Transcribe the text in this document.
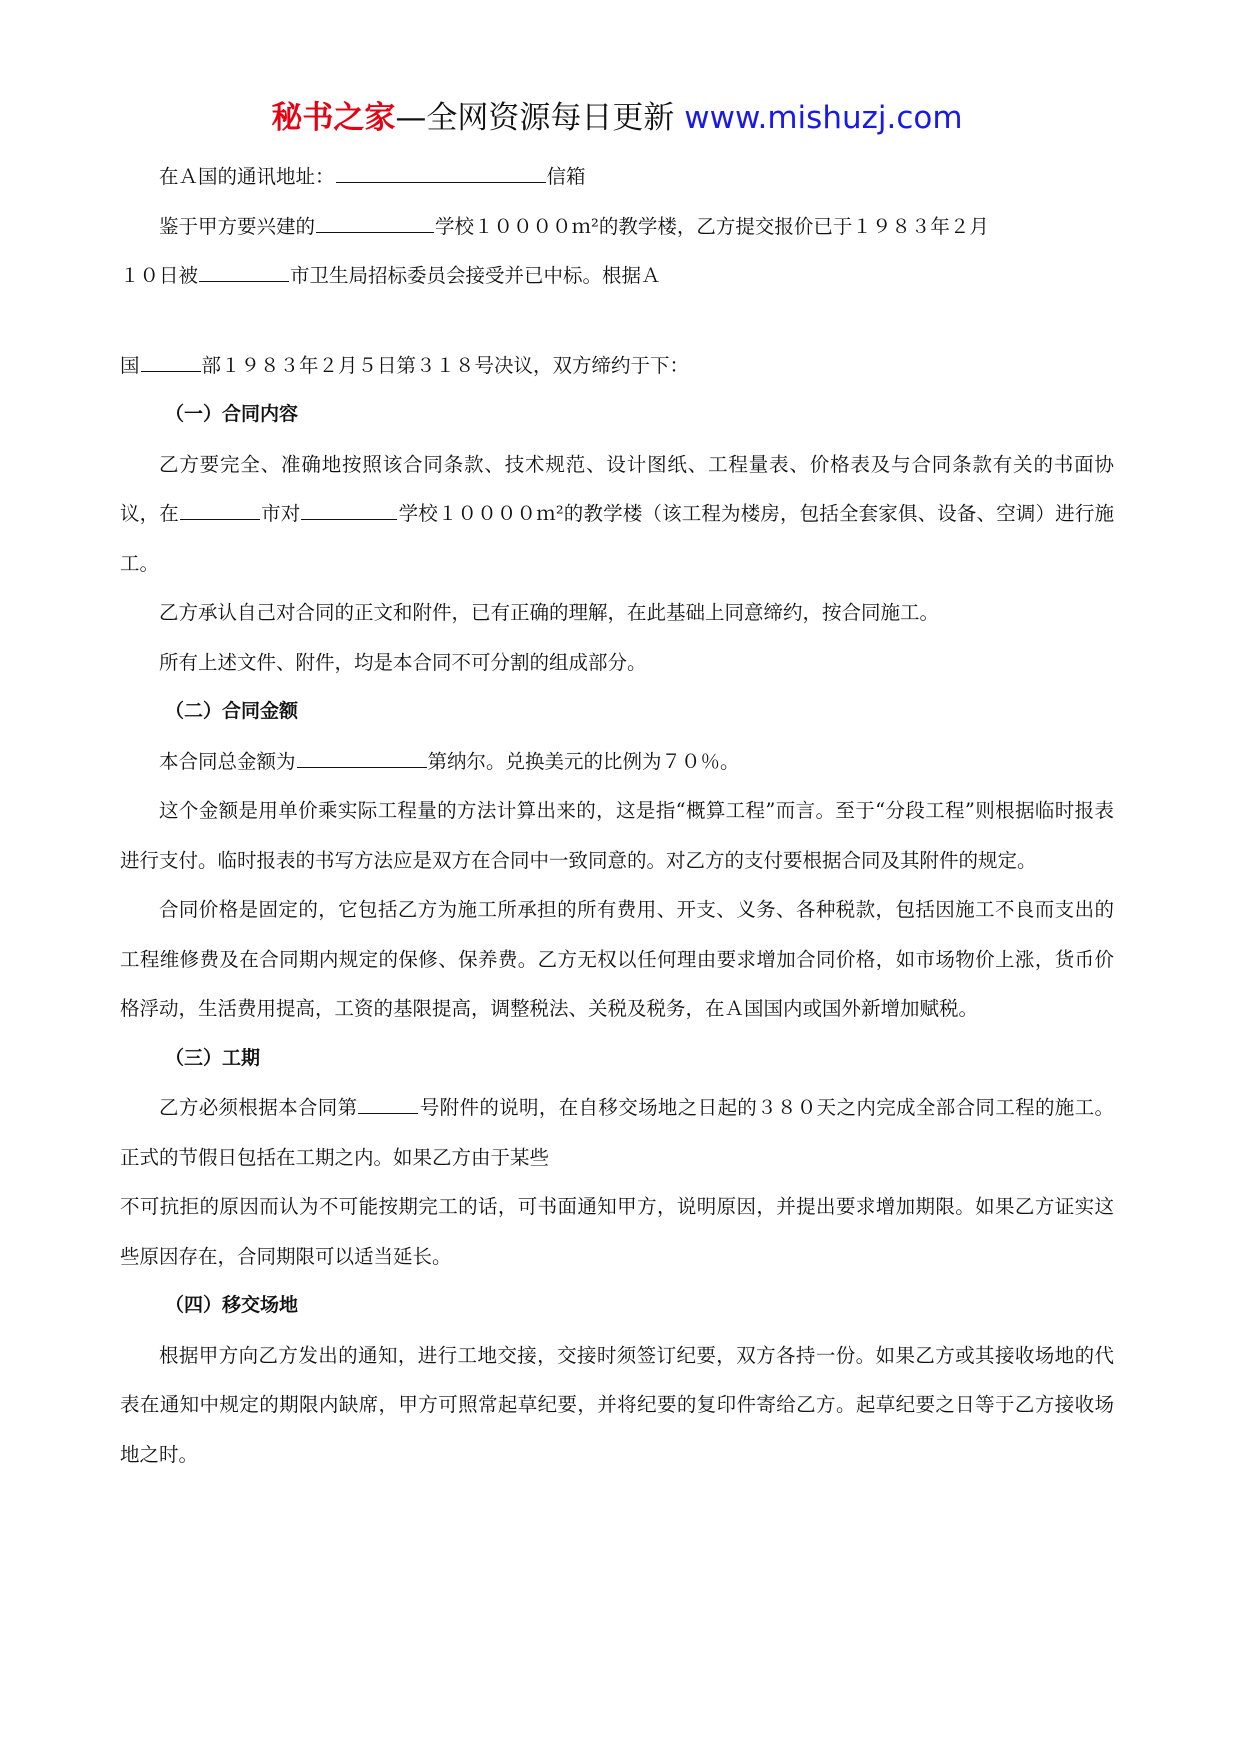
秘书之家—全网资源每日更新 www.mishuzj.com

在Ａ国的通讯地址：	信箱

鉴于甲方要兴建的	学校１００００ｍ²的教学楼，乙方提交报价已于１９８３年２月

１０日被	市卫生局招标委员会接受并已中标。根据Ａ

国	部１９８３年２月５日第３１８号决议，双方缔约于下：

（一）合同内容

乙方要完全、准确地按照该合同条款、技术规范、设计图纸、工程量表、价格表及与合同条款有关的书面协议，在	市对	学校１００００ｍ²的教学楼（该工程为楼房，包括全套家俱、设备、空调）进行施工。

乙方承认自己对合同的正文和附件，已有正确的理解，在此基础上同意缔约，按合同施工。

所有上述文件、附件，均是本合同不可分割的组成部分。

（二）合同金额

本合同总金额为	第纳尔。兑换美元的比例为７０％。

这个金额是用单价乘实际工程量的方法计算出来的，这是指“概算工程”而言。至于“分段工程”则根据临时报表进行支付。临时报表的书写方法应是双方在合同中一致同意的。对乙方的支付要根据合同及其附件的规定。

合同价格是固定的，它包括乙方为施工所承担的所有费用、开支、义务、各种税款，包括因施工不良而支出的工程维修费及在合同期内规定的保修、保养费。乙方无权以任何理由要求增加合同价格，如市场物价上涨，货币价格浮动，生活费用提高，工资的基限提高，调整税法、关税及税务，在Ａ国国内或国外新增加赋税。

（三）工期

乙方必须根据本合同第	号附件的说明，在自移交场地之日起的３８０天之内完成全部合同工程的施工。正式的节假日包括在工期之内。如果乙方由于某些

不可抗拒的原因而认为不可能按期完工的话，可书面通知甲方，说明原因，并提出要求增加期限。如果乙方证实这些原因存在，合同期限可以适当延长。

（四）移交场地

根据甲方向乙方发出的通知，进行工地交接，交接时须签订纪要，双方各持一份。如果乙方或其接收场地的代表在通知中规定的期限内缺席，甲方可照常起草纪要，并将纪要的复印件寄给乙方。起草纪要之日等于乙方接收场地之时。
